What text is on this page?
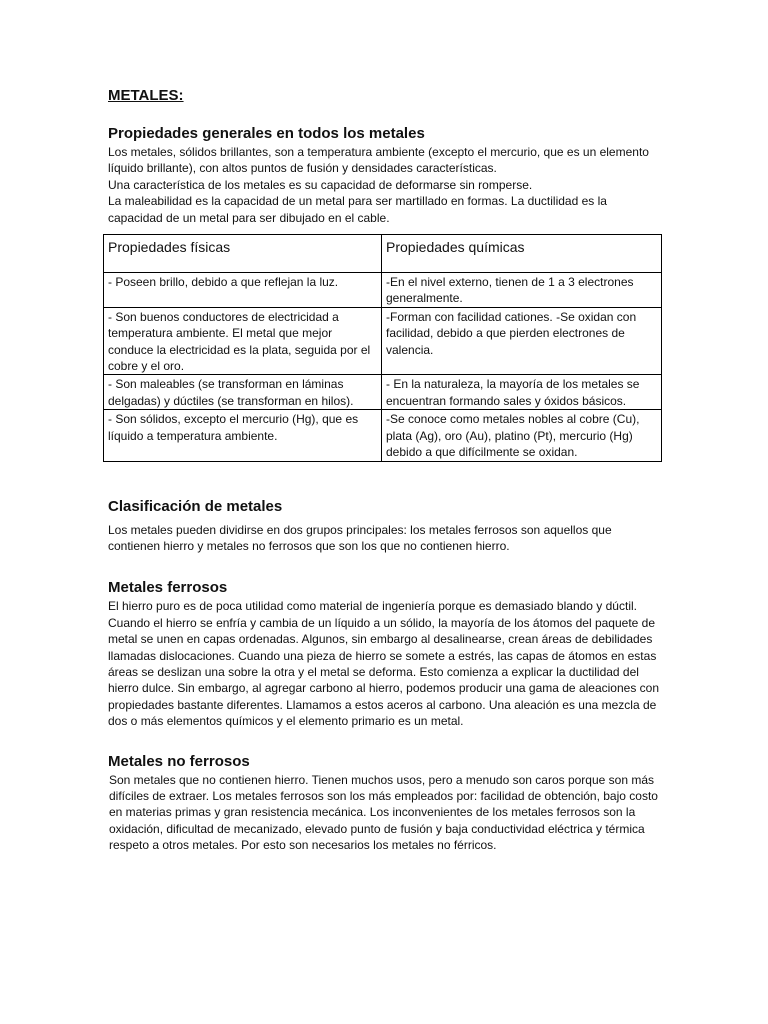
METALES:
Propiedades generales en todos los metales

Los metales, sólidos brillantes, son a temperatura ambiente (excepto el mercurio, que es un elemento líquido brillante), con altos puntos de fusión y densidades características.

Una característica de los metales es su capacidad de deformarse sin romperse.

La maleabilidad es la capacidad de un metal para ser martillado en formas. La ductilidad es la capacidad de un metal para ser dibujado en el cable.

Propiedades físicas	Propiedades químicas
- Poseen brillo, debido a que reflejan la luz.	-En el nivel externo, tienen de 1 a 3 electrones generalmente.
- Son buenos conductores de electricidad a temperatura ambiente. El metal que mejor conduce la electricidad es la plata, seguida por el cobre y el oro.	-Forman con facilidad cationes. -Se oxidan con facilidad, debido a que pierden electrones de valencia.
- Son maleables (se transforman en láminas delgadas) y dúctiles (se transforman en hilos).	- En la naturaleza, la mayoría de los metales se encuentran formando sales y óxidos básicos.
- Son sólidos, excepto el mercurio (Hg), que es líquido a temperatura ambiente.	-Se conoce como metales nobles al cobre (Cu), plata (Ag), oro (Au), platino (Pt), mercurio (Hg) debido a que difícilmente se oxidan.
Clasificación de metales

Los metales pueden dividirse en dos grupos principales: los metales ferrosos son aquellos que contienen hierro y metales no ferrosos que son los que no contienen hierro.

Metales ferrosos

El hierro puro es de poca utilidad como material de ingeniería porque es demasiado blando y dúctil. Cuando el hierro se enfría y cambia de un líquido a un sólido, la mayoría de los átomos del paquete de metal se unen en capas ordenadas. Algunos, sin embargo al desalinearse, crean áreas de debilidades llamadas dislocaciones. Cuando una pieza de hierro se somete a estrés, las capas de átomos en estas áreas se deslizan una sobre la otra y el metal se deforma. Esto comienza a explicar la ductilidad del hierro dulce. Sin embargo, al agregar carbono al hierro, podemos producir una gama de aleaciones con propiedades bastante diferentes. Llamamos a estos aceros al carbono. Una aleación es una mezcla de dos o más elementos químicos y el elemento primario es un metal.

Metales no ferrosos

Son metales que no contienen hierro. Tienen muchos usos, pero a menudo son caros porque son más difíciles de extraer. Los metales ferrosos son los más empleados por: facilidad de obtención, bajo costo en materias primas y gran resistencia mecánica. Los inconvenientes de los metales ferrosos son la oxidación, dificultad de mecanizado, elevado punto de fusión y baja conductividad eléctrica y térmica respeto a otros metales. Por esto son necesarios los metales no férricos.
